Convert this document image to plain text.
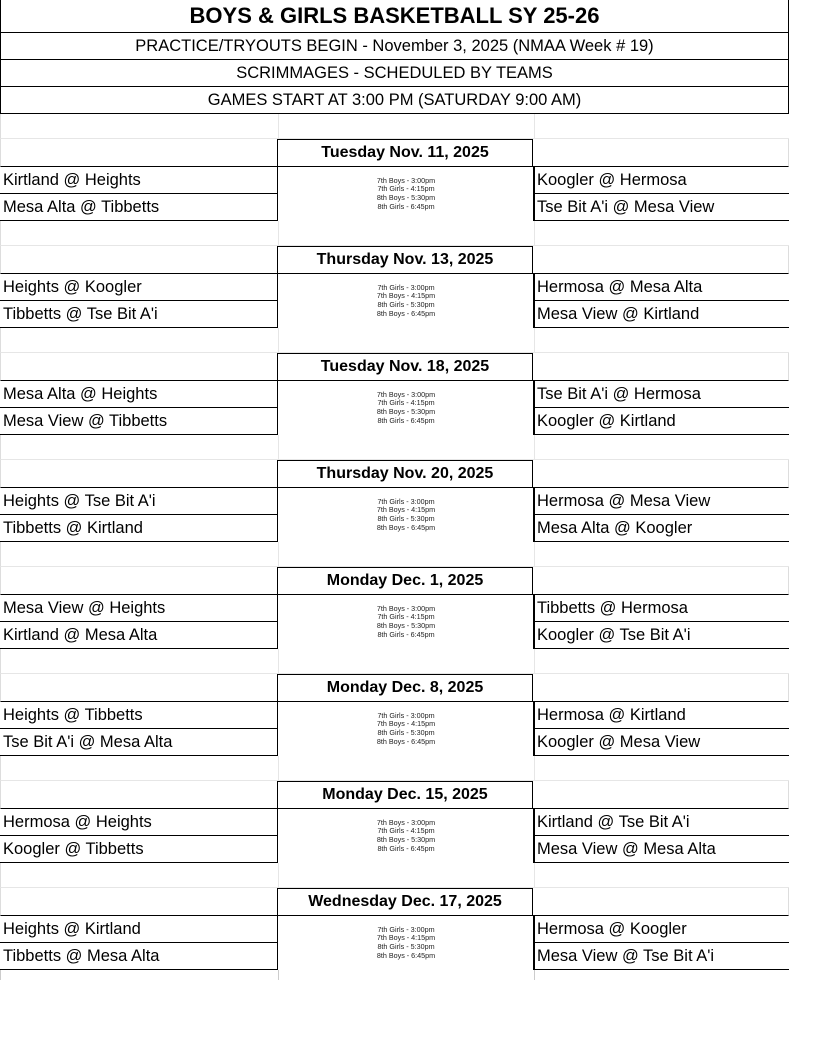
BOYS & GIRLS BASKETBALL SY 25-26
PRACTICE/TRYOUTS BEGIN - November 3, 2025 (NMAA Week # 19)
SCRIMMAGES - SCHEDULED BY TEAMS
GAMES START AT 3:00 PM (SATURDAY 9:00 AM)
Tuesday Nov. 11, 2025
Kirtland @ Heights	Koogler @ Hermosa
Mesa Alta @ Tibbetts	Tse Bit A'i @ Mesa View
7th Boys - 3:00pm
7th Girls - 4:15pm
8th Boys - 5:30pm
8th Girls - 6:45pm
Thursday Nov. 13, 2025
Heights @ Koogler	Hermosa @ Mesa Alta
Tibbetts @ Tse Bit A'i	Mesa View @ Kirtland
7th Girls - 3:00pm
7th Boys - 4:15pm
8th Girls - 5:30pm
8th Boys - 6:45pm
Tuesday Nov. 18, 2025
Mesa Alta @ Heights	Tse Bit A'i @ Hermosa
Mesa View @ Tibbetts	Koogler @ Kirtland
7th Boys - 3:00pm
7th Girls - 4:15pm
8th Boys - 5:30pm
8th Girls - 6:45pm
Thursday Nov. 20, 2025
Heights @ Tse Bit A'i	Hermosa @ Mesa View
Tibbetts @ Kirtland	Mesa Alta @ Koogler
7th Girls - 3:00pm
7th Boys - 4:15pm
8th Girls - 5:30pm
8th Boys - 6:45pm
Monday Dec. 1, 2025
Mesa View @ Heights	Tibbetts @ Hermosa
Kirtland @ Mesa Alta	Koogler @ Tse Bit A'i
7th Boys - 3:00pm
7th Girls - 4:15pm
8th Boys - 5:30pm
8th Girls - 6:45pm
Monday Dec. 8, 2025
Heights @ Tibbetts	Hermosa @ Kirtland
Tse Bit A'i @ Mesa Alta	Koogler @ Mesa View
7th Girls - 3:00pm
7th Boys - 4:15pm
8th Girls - 5:30pm
8th Boys - 6:45pm
Monday Dec. 15, 2025
Hermosa @ Heights	Kirtland @ Tse Bit A'i
Koogler @ Tibbetts	Mesa View @ Mesa Alta
7th Boys - 3:00pm
7th Girls - 4:15pm
8th Boys - 5:30pm
8th Girls - 6:45pm
Wednesday Dec. 17, 2025
Heights @ Kirtland	Hermosa @ Koogler
Tibbetts @ Mesa Alta	Mesa View @ Tse Bit A'i
7th Girls - 3:00pm
7th Boys - 4:15pm
8th Girls - 5:30pm
8th Boys - 6:45pm
